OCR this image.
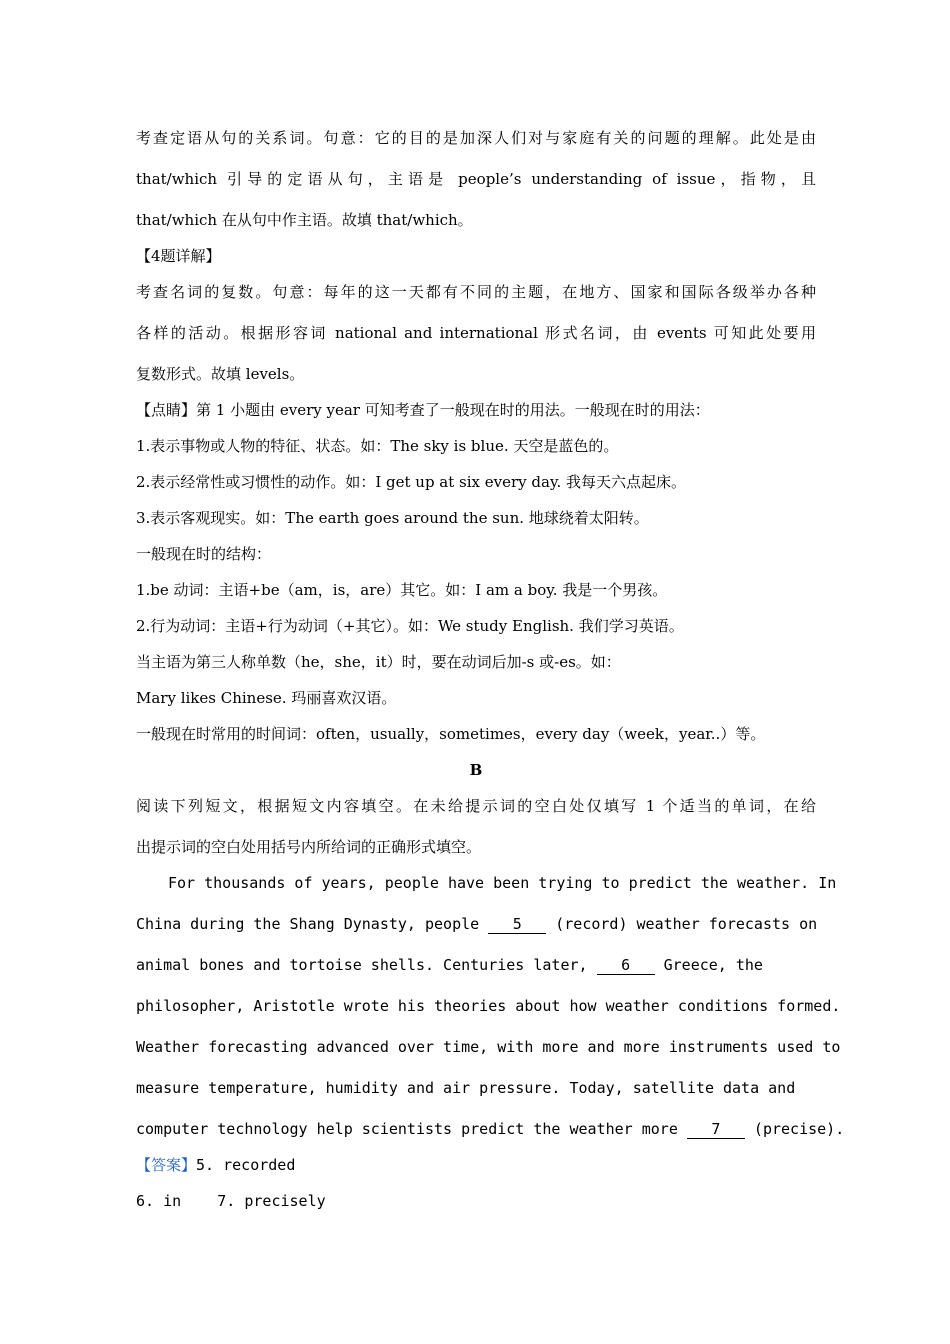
考查定语从句的关系词。句意：它的目的是加深人们对与家庭有关的问题的理解。此处是由
that/which 引导的定语从句，主语是 people’s understanding of issue，指物，且
that/which 在从句中作主语。故填 that/which。
【4题详解】
考查名词的复数。句意：每年的这一天都有不同的主题，在地方、国家和国际各级举办各种
各样的活动。根据形容词 national and international 形式名词，由 events 可知此处要用
复数形式。故填 levels。
【点睛】第 1 小题由 every year 可知考查了一般现在时的用法。一般现在时的用法：
1.表示事物或人物的特征、状态。如：The sky is blue. 天空是蓝色的。
2.表示经常性或习惯性的动作。如：I get up at six every day. 我每天六点起床。
3.表示客观现实。如：The earth goes around the sun. 地球绕着太阳转。
一般现在时的结构：
1.be 动词：主语+be（am，is，are）其它。如：I am a boy. 我是一个男孩。
2.行为动词：主语+行为动词（+其它）。如：We study English. 我们学习英语。
当主语为第三人称单数（he，she，it）时，要在动词后加-s 或-es。如：
Mary likes Chinese. 玛丽喜欢汉语。
一般现在时常用的时间词：often，usually，sometimes，every day（week，year..）等。
B
阅读下列短文，根据短文内容填空。在未给提示词的空白处仅填写 1 个适当的单词，在给
出提示词的空白处用括号内所给词的正确形式填空。
For thousands of years, people have been trying to predict the weather. In
China during the Shang Dynasty, people 5 (record) weather forecasts on
animal bones and tortoise shells. Centuries later, 6 Greece, the
philosopher, Aristotle wrote his theories about how weather conditions formed.
Weather forecasting advanced over time, with more and more instruments used to
measure temperature, humidity and air pressure. Today, satellite data and
computer technology help scientists predict the weather more 7 (precise).
【答案】5. recorded
6. in    7. precisely
